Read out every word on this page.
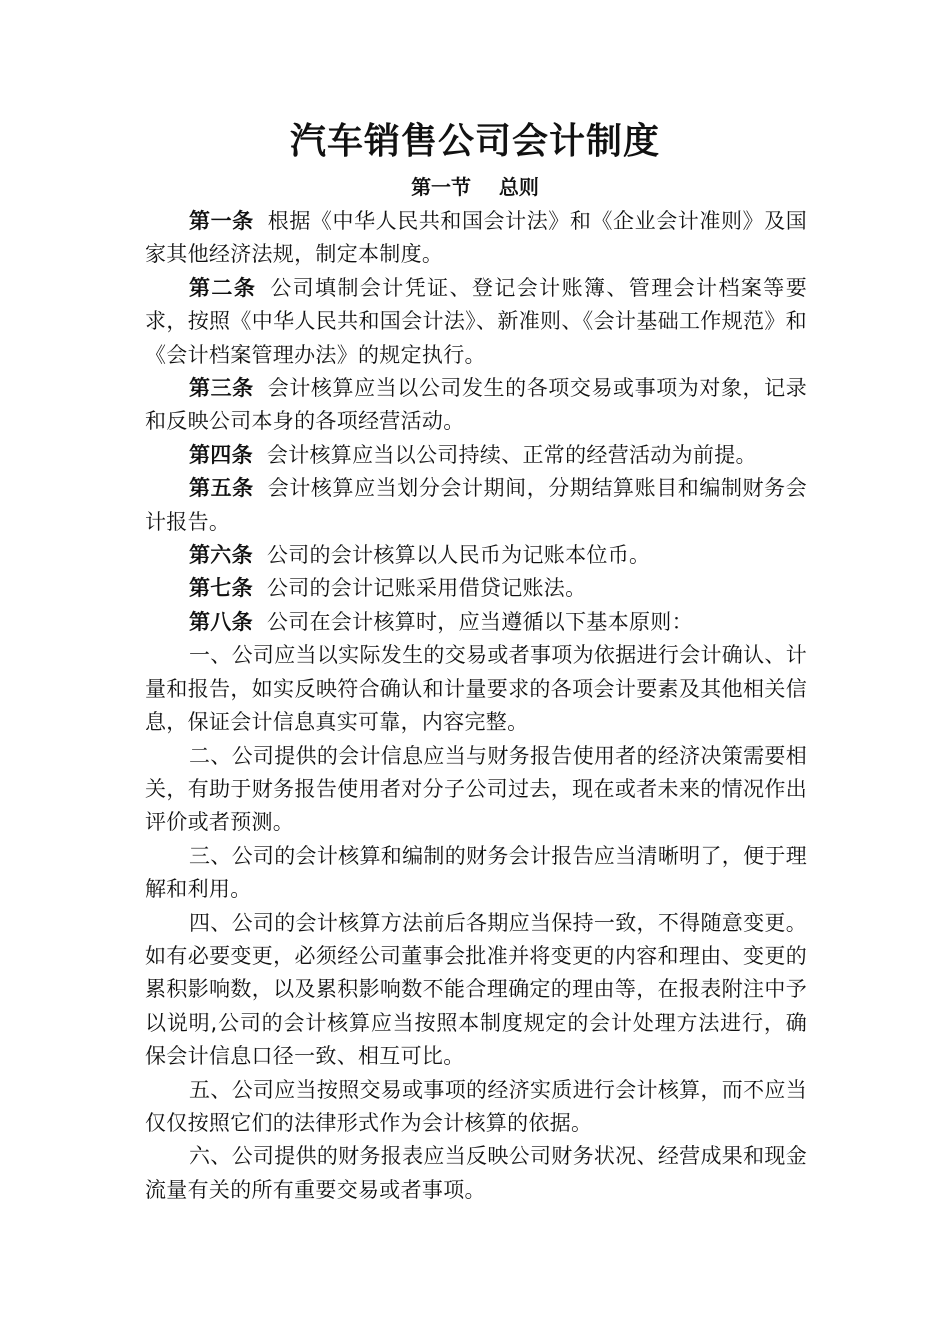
汽车销售公司会计制度
第一节    总则

第一条 根据《中华人民共和国会计法》和《企业会计准则》及国家其他经济法规，制定本制度。

第二条 公司填制会计凭证、登记会计账簿、管理会计档案等要求，按照《中华人民共和国会计法》、新准则、《会计基础工作规范》和《会计档案管理办法》的规定执行。

第三条 会计核算应当以公司发生的各项交易或事项为对象，记录和反映公司本身的各项经营活动。

第四条 会计核算应当以公司持续、正常的经营活动为前提。

第五条 会计核算应当划分会计期间，分期结算账目和编制财务会计报告。

第六条 公司的会计核算以人民币为记账本位币。

第七条 公司的会计记账采用借贷记账法。

第八条 公司在会计核算时，应当遵循以下基本原则：

一、公司应当以实际发生的交易或者事项为依据进行会计确认、计量和报告，如实反映符合确认和计量要求的各项会计要素及其他相关信息，保证会计信息真实可靠，内容完整。

二、公司提供的会计信息应当与财务报告使用者的经济决策需要相关，有助于财务报告使用者对分子公司过去，现在或者未来的情况作出评价或者预测。

三、公司的会计核算和编制的财务会计报告应当清晰明了，便于理解和利用。

四、公司的会计核算方法前后各期应当保持一致，不得随意变更。如有必要变更，必须经公司董事会批准并将变更的内容和理由、变更的累积影响数，以及累积影响数不能合理确定的理由等，在报表附注中予以说明,公司的会计核算应当按照本制度规定的会计处理方法进行，确保会计信息口径一致、相互可比。

五、公司应当按照交易或事项的经济实质进行会计核算，而不应当仅仅按照它们的法律形式作为会计核算的依据。

六、公司提供的财务报表应当反映公司财务状况、经营成果和现金流量有关的所有重要交易或者事项。
